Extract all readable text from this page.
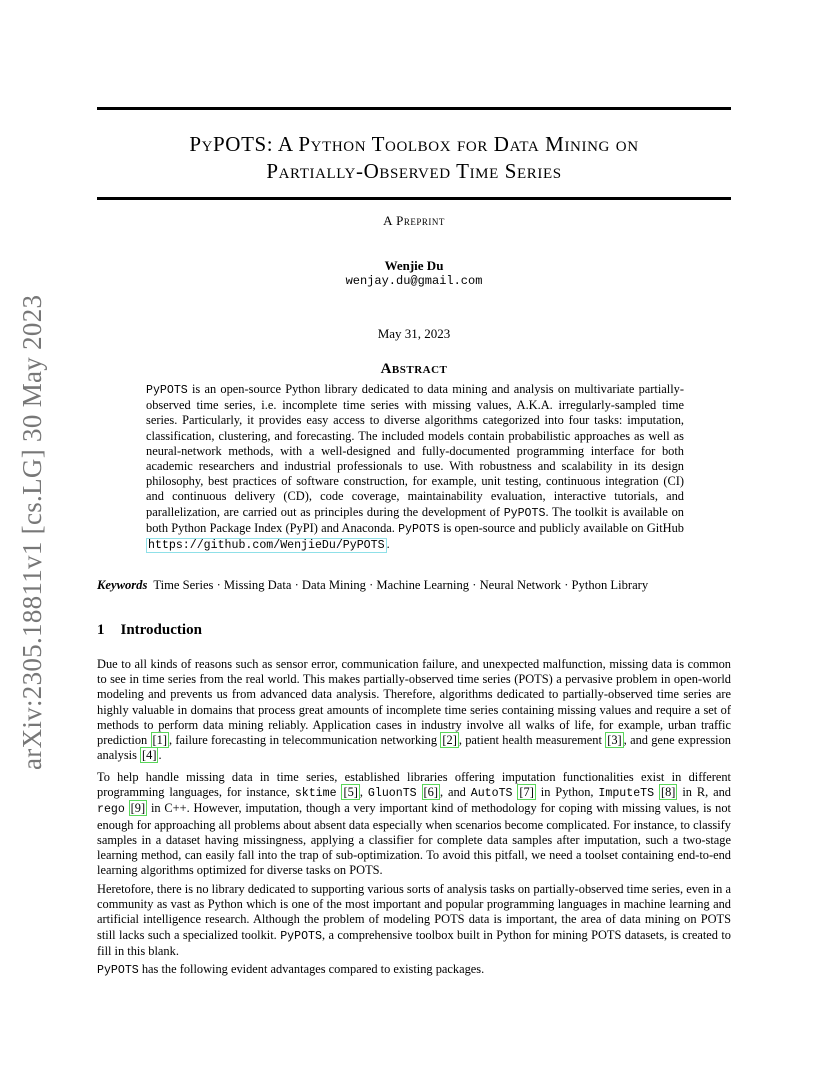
arXiv:2305.18811v1 [cs.LG] 30 May 2023
PyPOTS: A Python Toolbox for Data Mining on
Partially-Observed Time Series
A Preprint
Wenjie Du
wenjay.du@gmail.com
May 31, 2023
Abstract
PyPOTS is an open-source Python library dedicated to data mining and analysis on multivariate partially-observed time series, i.e. incomplete time series with missing values, A.K.A. irregularly-sampled time series. Particularly, it provides easy access to diverse algorithms categorized into four tasks: imputation, classification, clustering, and forecasting. The included models contain probabilistic approaches as well as neural-network methods, with a well-designed and fully-documented programming interface for both academic researchers and industrial professionals to use. With robustness and scalability in its design philosophy, best practices of software construction, for example, unit testing, continuous integration (CI) and continuous delivery (CD), code coverage, maintainability evaluation, interactive tutorials, and parallelization, are carried out as principles during the development of PyPOTS. The toolkit is available on both Python Package Index (PyPI) and Anaconda. PyPOTS is open-source and publicly available on GitHub https://github.com/WenjieDu/PyPOTS .
Keywords Time Series · Missing Data · Data Mining · Machine Learning · Neural Network · Python Library
1 Introduction

Due to all kinds of reasons such as sensor error, communication failure, and unexpected malfunction, missing data is common to see in time series from the real world. This makes partially-observed time series (POTS) a pervasive problem in open-world modeling and prevents us from advanced data analysis. Therefore, algorithms dedicated to partially-observed time series are highly valuable in domains that process great amounts of incomplete time series containing missing values and require a set of methods to perform data mining reliably. Application cases in industry involve all walks of life, for example, urban traffic prediction [1] , failure forecasting in telecommunication networking [2] , patient health measurement [3] , and gene expression analysis [4] .

To help handle missing data in time series, established libraries offering imputation functionalities exist in different programming languages, for instance, sktime [5] , GluonTS [6] , and AutoTS [7] in Python, ImputeTS [8] in R, and rego [9] in C++. However, imputation, though a very important kind of methodology for coping with missing values, is not enough for approaching all problems about absent data especially when scenarios become complicated. For instance, to classify samples in a dataset having missingness, applying a classifier for complete data samples after imputation, such a two-stage learning method, can easily fall into the trap of sub-optimization. To avoid this pitfall, we need a toolset containing end-to-end learning algorithms optimized for diverse tasks on POTS.

Heretofore, there is no library dedicated to supporting various sorts of analysis tasks on partially-observed time series, even in a community as vast as Python which is one of the most important and popular programming languages in machine learning and artificial intelligence research. Although the problem of modeling POTS data is important, the area of data mining on POTS still lacks such a specialized toolkit. PyPOTS, a comprehensive toolbox built in Python for mining POTS datasets, is created to fill in this blank.

PyPOTS has the following evident advantages compared to existing packages.
